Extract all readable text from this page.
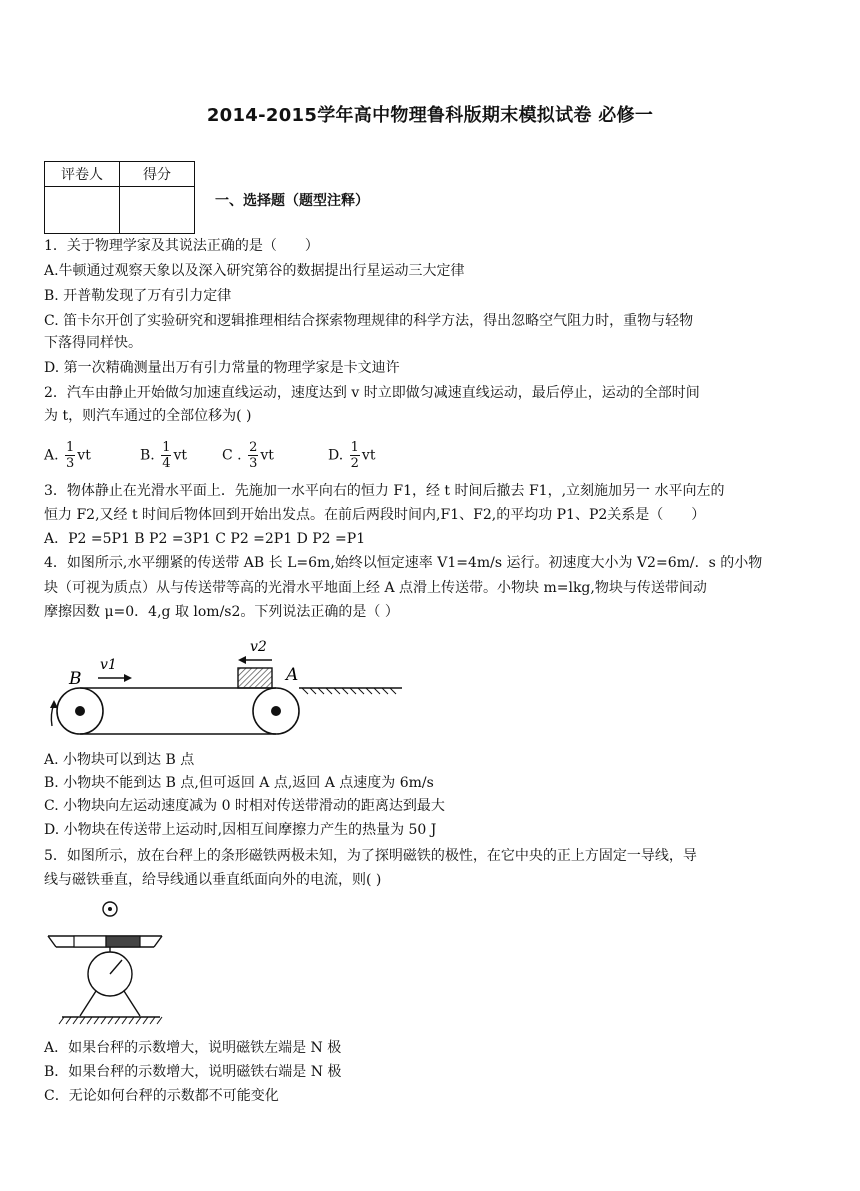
2014-2015学年高中物理鲁科版期末模拟试卷 必修一
评卷人	得分

一、选择题（题型注释）
1．关于物理学家及其说法正确的是（　　）
A.牛顿通过观察天象以及深入研究第谷的数据提出行星运动三大定律
B. 开普勒发现了万有引力定律
C. 笛卡尔开创了实验研究和逻辑推理相结合探索物理规律的科学方法，得出忽略空气阻力时，重物与轻物
下落得同样快。
D. 第一次精确测量出万有引力常量的物理学家是卡文迪许
2．汽车由静止开始做匀加速直线运动，速度达到 v 时立即做匀减速直线运动，最后停止，运动的全部时间
为 t，则汽车通过的全部位移为( )
A. $\frac{1}{3}$ vt	B. $\frac{1}{4}$ vt C . $\frac{2}{3}$ vt	D. $\frac{1}{2}$ vt
3．物体静止在光滑水平面上．先施加一水平向右的恒力 F1，经 t 时间后撤去 F1，,立刻施加另一 水平向左的
恒力 F2,又经 t 时间后物体回到开始出发点。在前后两段时间内,F1、F2,的平均功 P1、P2关系是（　　）
A．P2 =5P1 B P2 =3P1 C P2 =2P1 D P2 =P1
4．如图所示,水平绷紧的传送带 AB 长 L=6m,始终以恒定速率 V1=4m/s 运行。初速度大小为 V2=6m/．s 的小物
块（可视为质点）从与传送带等高的光滑水平地面上经 A 点滑上传送带。小物块 m=lkg,物块与传送带间动
摩擦因数 μ=0．4,g 取 lom/s2。下列说法正确的是（ ）
v2
v1
B	A
A. 小物块可以到达 B 点
B. 小物块不能到达 B 点,但可返回 A 点,返回 A 点速度为 6m/s
C. 小物块向左运动速度减为 0 时相对传送带滑动的距离达到最大
D. 小物块在传送带上运动时,因相互间摩擦力产生的热量为 50 J
5．如图所示，放在台秤上的条形磁铁两极未知，为了探明磁铁的极性，在它中央的正上方固定一导线，导
线与磁铁垂直，给导线通以垂直纸面向外的电流，则( )
A．如果台秤的示数增大，说明磁铁左端是 N 极
B．如果台秤的示数增大，说明磁铁右端是 N 极
C．无论如何台秤的示数都不可能变化
